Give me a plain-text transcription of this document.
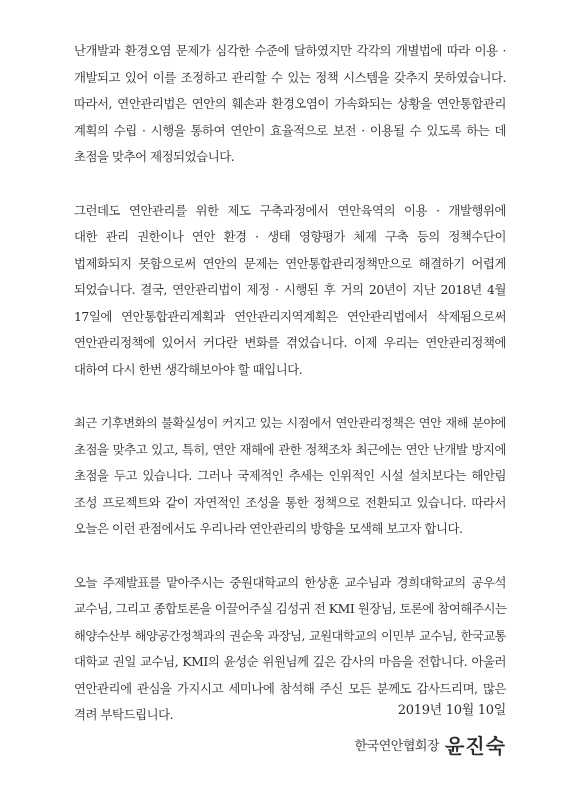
난개발과 환경오염 문제가 심각한 수준에 달하였지만 각각의 개별법에 따라 이용 ·
개발되고 있어 이를 조정하고 관리할 수 있는 정책 시스템을 갖추지 못하였습니다.
따라서, 연안관리법은 연안의 훼손과 환경오염이 가속화되는 상황을 연안통합관리
계획의 수립 · 시행을 통하여 연안이 효율적으로 보전 · 이용될 수 있도록 하는 데
초점을 맞추어 제정되었습니다.
그런데도 연안관리를 위한 제도 구축과정에서 연안육역의 이용 · 개발행위에
대한 관리 권한이나 연안 환경 · 생태 영향평가 체제 구축 등의 정책수단이
법제화되지 못함으로써 연안의 문제는 연안통합관리정책만으로 해결하기 어렵게
되었습니다. 결국, 연안관리법이 제정 · 시행된 후 거의 20년이 지난 2018년 4월
17일에 연안통합관리계획과 연안관리지역계획은 연안관리법에서 삭제됨으로써
연안관리정책에 있어서 커다란 변화를 겪었습니다. 이제 우리는 연안관리정책에
대하여 다시 한번 생각해보아야 할 때입니다.
최근 기후변화의 불확실성이 커지고 있는 시점에서 연안관리정책은 연안 재해 분야에
초점을 맞추고 있고, 특히, 연안 재해에 관한 정책조차 최근에는 연안 난개발 방지에
초점을 두고 있습니다. 그러나 국제적인 추세는 인위적인 시설 설치보다는 해안림
조성 프로젝트와 같이 자연적인 조성을 통한 정책으로 전환되고 있습니다. 따라서
오늘은 이런 관점에서도 우리나라 연안관리의 방향을 모색해 보고자 합니다.
오늘 주제발표를 맡아주시는 중원대학교의 한상훈 교수님과 경희대학교의 공우석
교수님, 그리고 종합토론을 이끌어주실 김성귀 전 KMI 원장님, 토론에 참여해주시는
해양수산부 해양공간정책과의 권순욱 과장님, 교원대학교의 이민부 교수님, 한국교통
대학교 권일 교수님, KMI의 윤성순 위원님께 깊은 감사의 마음을 전합니다. 아울러
연안관리에 관심을 가지시고 세미나에 참석해 주신 모든 분께도 감사드리며, 많은
격려 부탁드립니다.	2019년 10월 10일
한국연안협회장 윤진숙
